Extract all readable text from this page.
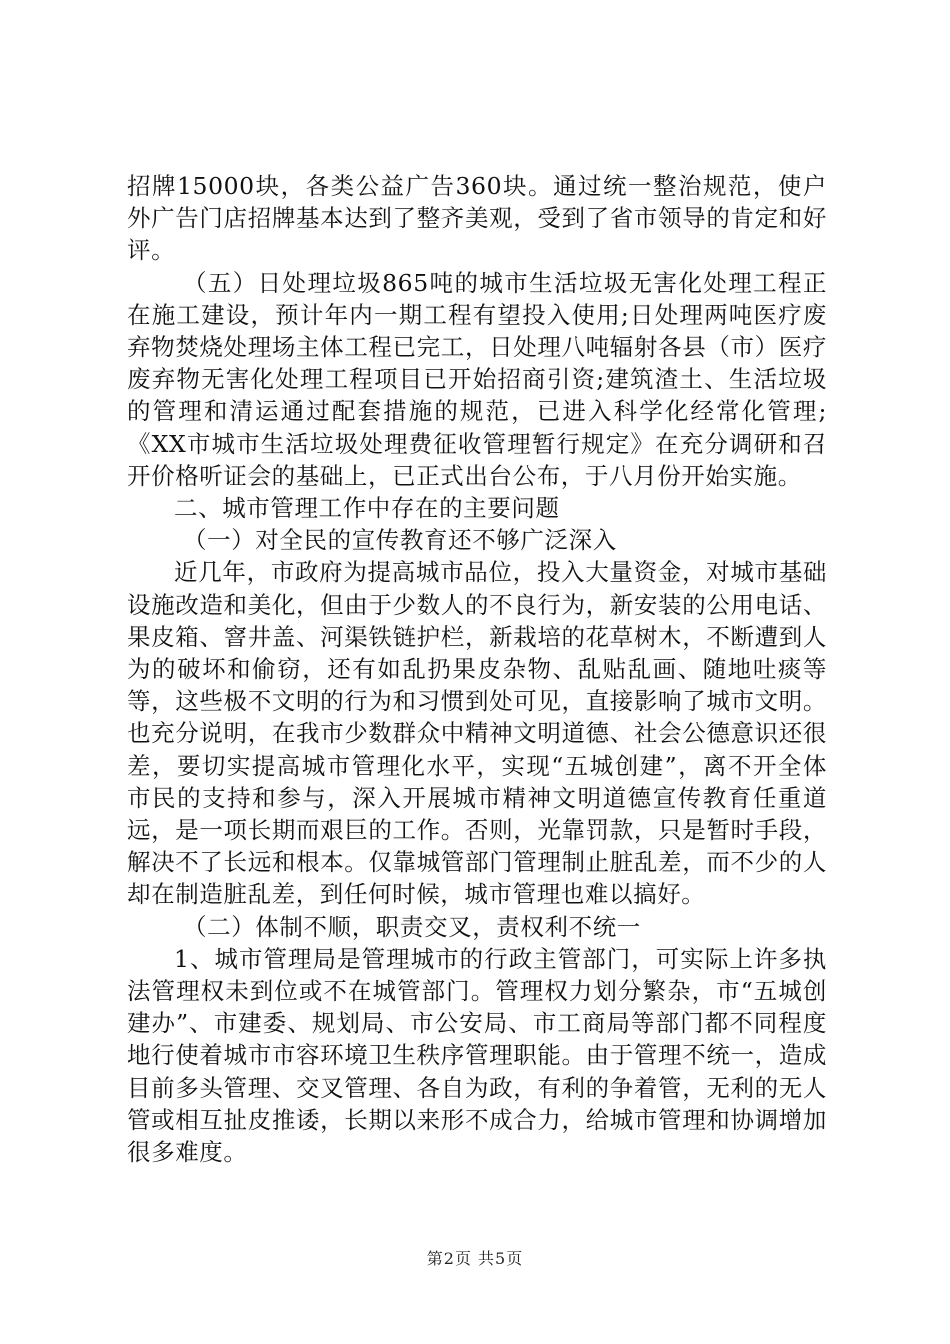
招牌15000块，各类公益广告360块。通过统一整治规范，使户外广告门店招牌基本达到了整齐美观，受到了省市领导的肯定和好评。

（五）日处理垃圾865吨的城市生活垃圾无害化处理工程正在施工建设，预计年内一期工程有望投入使用;日处理两吨医疗废弃物焚烧处理场主体工程已完工，日处理八吨辐射各县（市）医疗废弃物无害化处理工程项目已开始招商引资;建筑渣土、生活垃圾的管理和清运通过配套措施的规范，已进入科学化经常化管理;《XX市城市生活垃圾处理费征收管理暂行规定》在充分调研和召开价格听证会的基础上，已正式出台公布，于八月份开始实施。

二、城市管理工作中存在的主要问题

（一）对全民的宣传教育还不够广泛深入

近几年，市政府为提高城市品位，投入大量资金，对城市基础设施改造和美化，但由于少数人的不良行为，新安装的公用电话、果皮箱、窨井盖、河渠铁链护栏，新栽培的花草树木，不断遭到人为的破坏和偷窃，还有如乱扔果皮杂物、乱贴乱画、随地吐痰等等，这些极不文明的行为和习惯到处可见，直接影响了城市文明。也充分说明，在我市少数群众中精神文明道德、社会公德意识还很差，要切实提高城市管理化水平，实现“五城创建”，离不开全体市民的支持和参与，深入开展城市精神文明道德宣传教育任重道远，是一项长期而艰巨的工作。否则，光靠罚款，只是暂时手段，解决不了长远和根本。仅靠城管部门管理制止脏乱差，而不少的人却在制造脏乱差，到任何时候，城市管理也难以搞好。

（二）体制不顺，职责交叉，责权利不统一

1、城市管理局是管理城市的行政主管部门，可实际上许多执法管理权未到位或不在城管部门。管理权力划分繁杂，市“五城创建办”、市建委、规划局、市公安局、市工商局等部门都不同程度地行使着城市市容环境卫生秩序管理职能。由于管理不统一，造成目前多头管理、交叉管理、各自为政，有利的争着管，无利的无人管或相互扯皮推诿，长期以来形不成合力，给城市管理和协调增加很多难度。

第2页 共5页
